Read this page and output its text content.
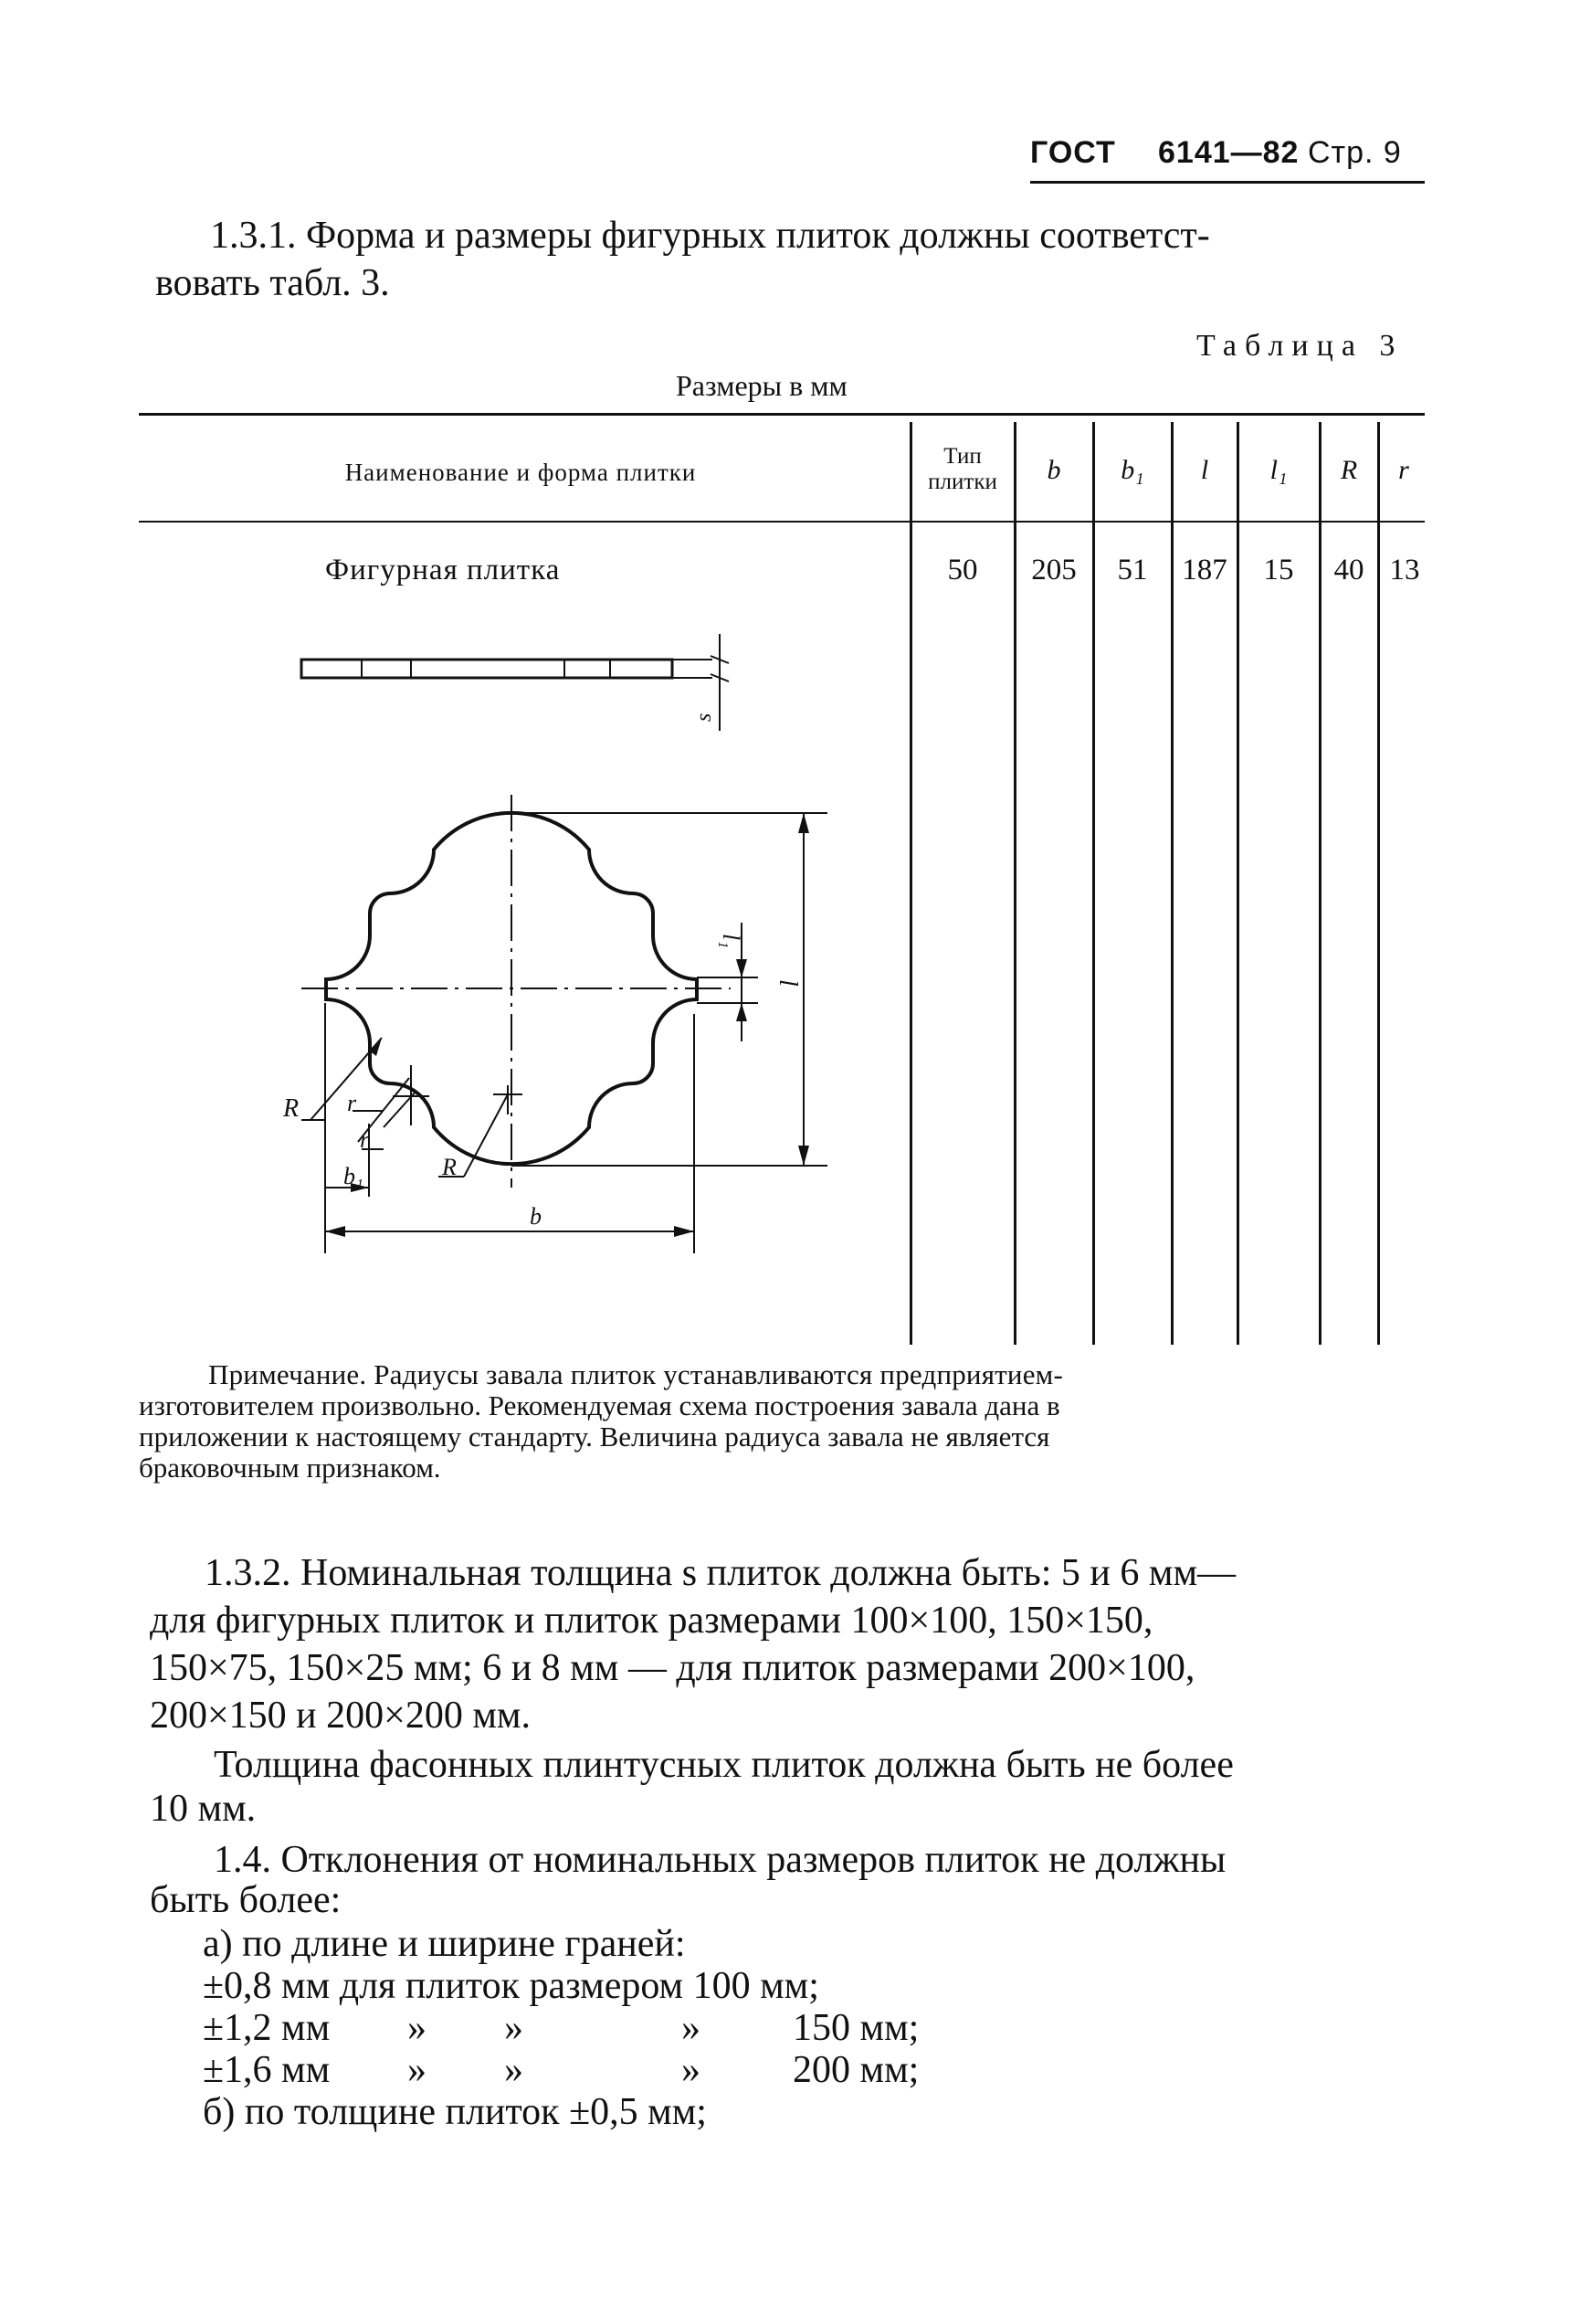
ГОСТ 6141—82 Стр. 9
1.3.1. Форма и размеры фигурных плиток должны соответст-
вовать табл. 3.
Таблица 3
Размеры в мм
Наименование и форма плитки
Тип плитки	b	b₁	l	l₁	R	r
Фигурная плитка	50	205	51	187	15	40 13
s
l₁
l
R r
r
b₁	R
b
Примечание. Радиусы завала плиток устанавливаются предприятием-
изготовителем произвольно. Рекомендуемая схема построения завала дана в
приложении к настоящему стандарту. Величина радиуса завала не является
браковочным признаком.
1.3.2. Номинальная толщина s плиток должна быть: 5 и 6 мм—
для фигурных плиток и плиток размерами 100×100, 150×150,
150×75, 150×25 мм; 6 и 8 мм — для плиток размерами 200×100,
200×150 и 200×200 мм.
Толщина фасонных плинтусных плиток должна быть не более
10 мм.
1.4. Отклонения от номинальных размеров плиток не должны
быть более:
а) по длине и ширине граней:
±0,8 мм для плиток размером 100 мм;
±1,2 мм » »	» 150 мм;
±1,6 мм » »	» 200 мм;
б) по толщине плиток ±0,5 мм;
